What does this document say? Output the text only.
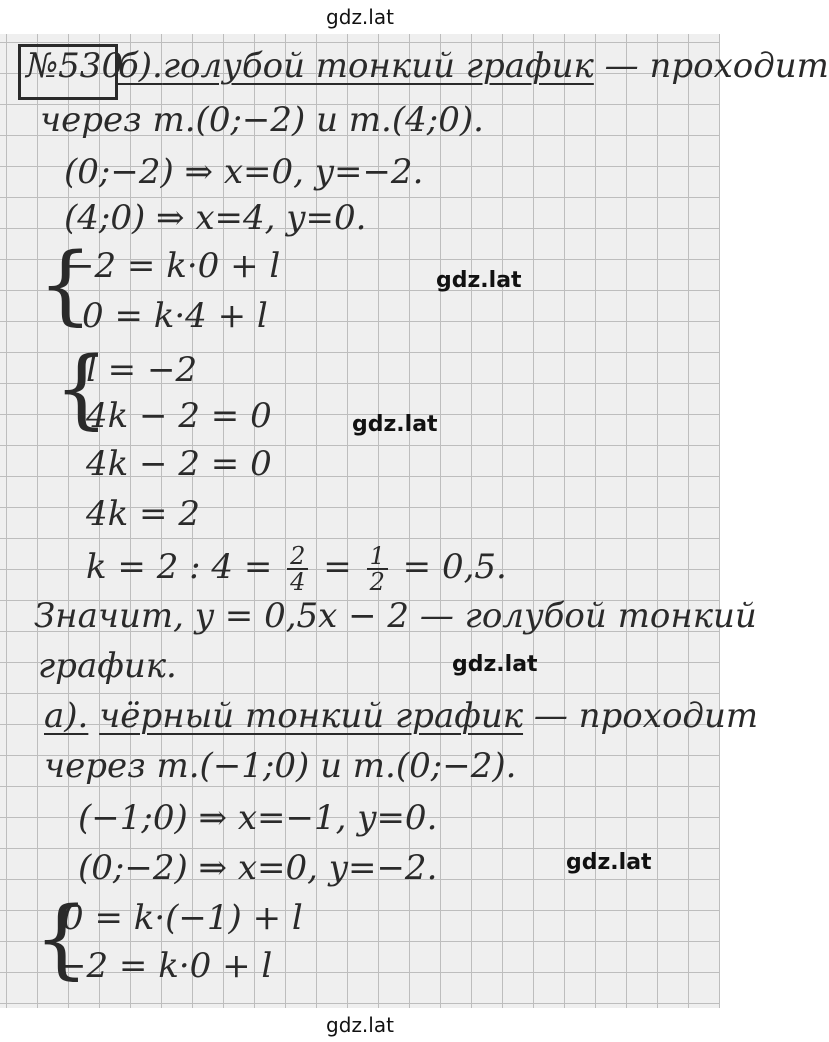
gdz.lat
№530
б).голубой тонкий график — проходит
через т.(0;−2) и т.(4;0).
(0;−2) ⇒ x=0, y=−2.
(4;0) ⇒ x=4, y=0.
{
−2 = k·0 + l
0 = k·4 + l
{
l = −2
4k − 2 = 0
4k − 2 = 0
4k = 2
k = 2 : $4 = \frac{2}{4} = \frac{1}{2} = 0,5$.
Значит, y = 0,5x − 2 — голубой тонкий
график.
а). чёрный тонкий график — проходит
через т.(−1;0) и т.(0;−2).
(−1;0) ⇒ x=−1, y=0.
(0;−2) ⇒ x=0, y=−2.
{
0 = k·(−1) + l
−2 = k·0 + l
gdz.lat
gdz.lat
gdz.lat
gdz.lat
gdz.lat
